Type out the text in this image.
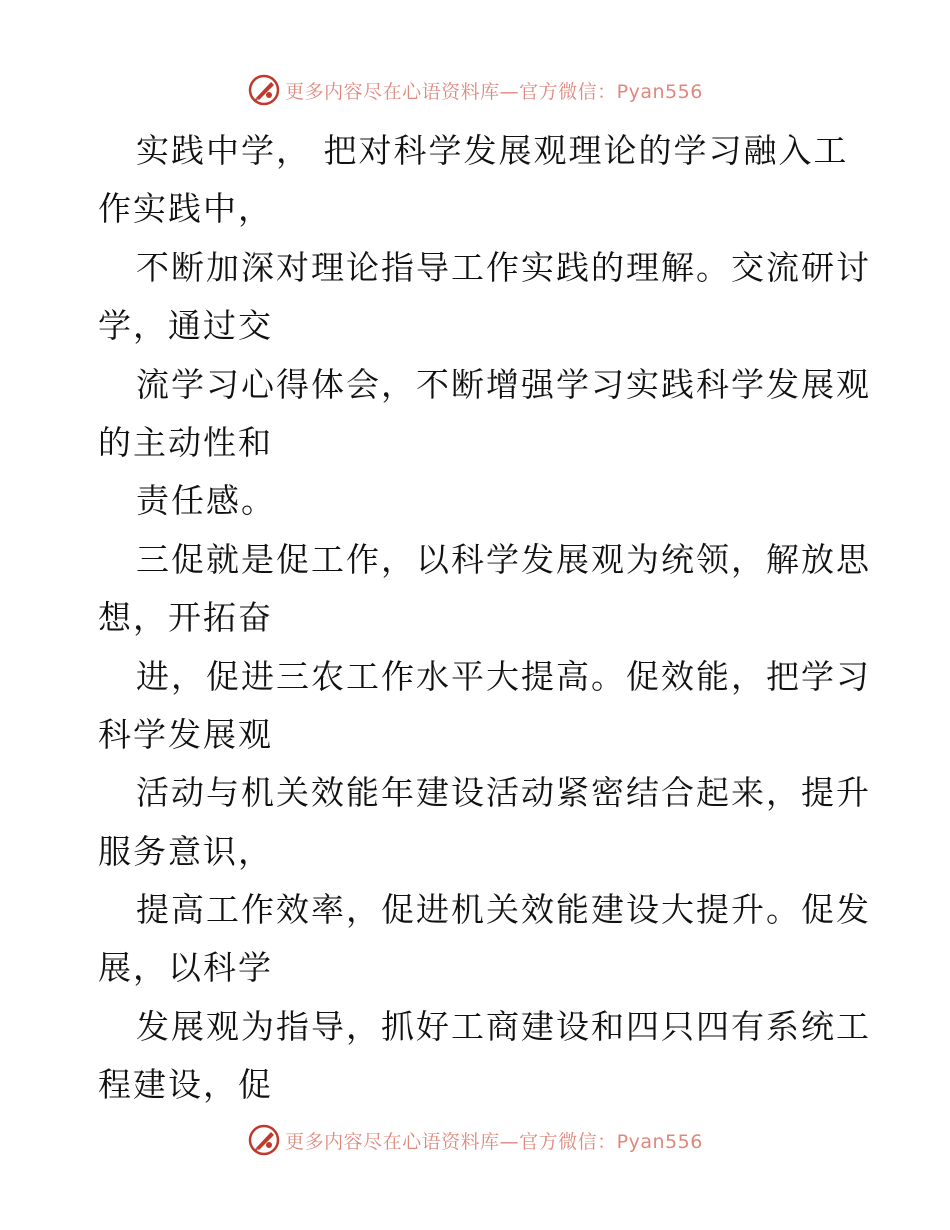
更多内容尽在心语资料库—官方微信：Pyan556
实践中学， 把对科学发展观理论的学习融入工
作实践中，
不断加深对理论指导工作实践的理解。交流研讨
学，通过交
流学习心得体会，不断增强学习实践科学发展观
的主动性和
责任感。
三促就是促工作，以科学发展观为统领，解放思
想，开拓奋
进，促进三农工作水平大提高。促效能，把学习
科学发展观
活动与机关效能年建设活动紧密结合起来，提升
服务意识，
提高工作效率，促进机关效能建设大提升。促发
展，以科学
发展观为指导，抓好工商建设和四只四有系统工
程建设，促
更多内容尽在心语资料库—官方微信：Pyan556
